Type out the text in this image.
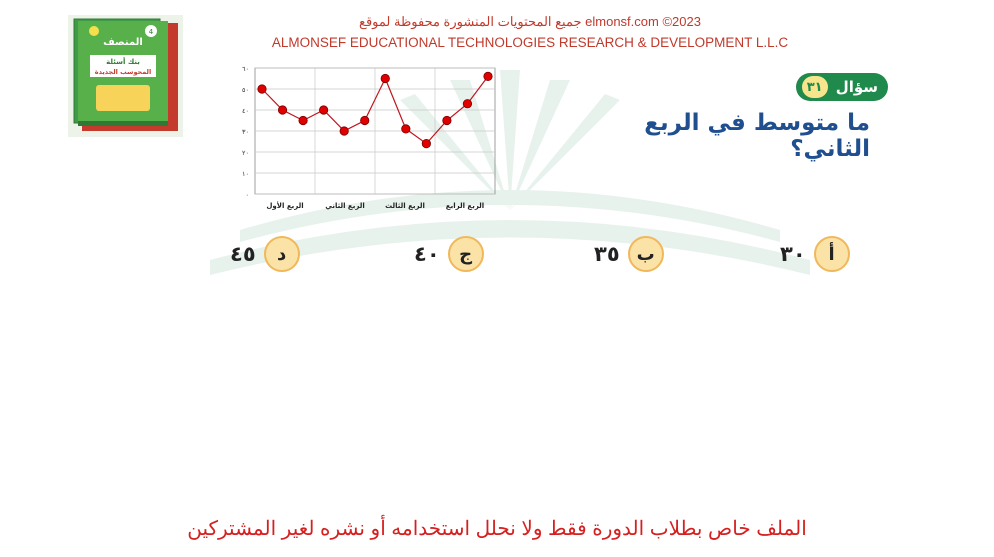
4
المنصف
بنك أسئلة
المحوسب الجديدة
جميع المحتويات المنشورة محفوظة لموقع elmonsf.com ©2023
ALMONSEF EDUCATIONAL TECHNOLOGIES RESEARCH & DEVELOPMENT L.L.C
سؤال
٣١
ما متوسط في الربع الثاني؟
٠
١٠
٢٠
٣٠
٤٠
٥٠
٦٠
الربع الأول	الربع الثاني	الربع الثالث	الربع الرابع
٣٠	أ
٣٥ ب
٤٠	ج
٤٥	د
الملف خاص بطلاب الدورة فقط ولا نحلل استخدامه أو نشره لغير المشتركين
